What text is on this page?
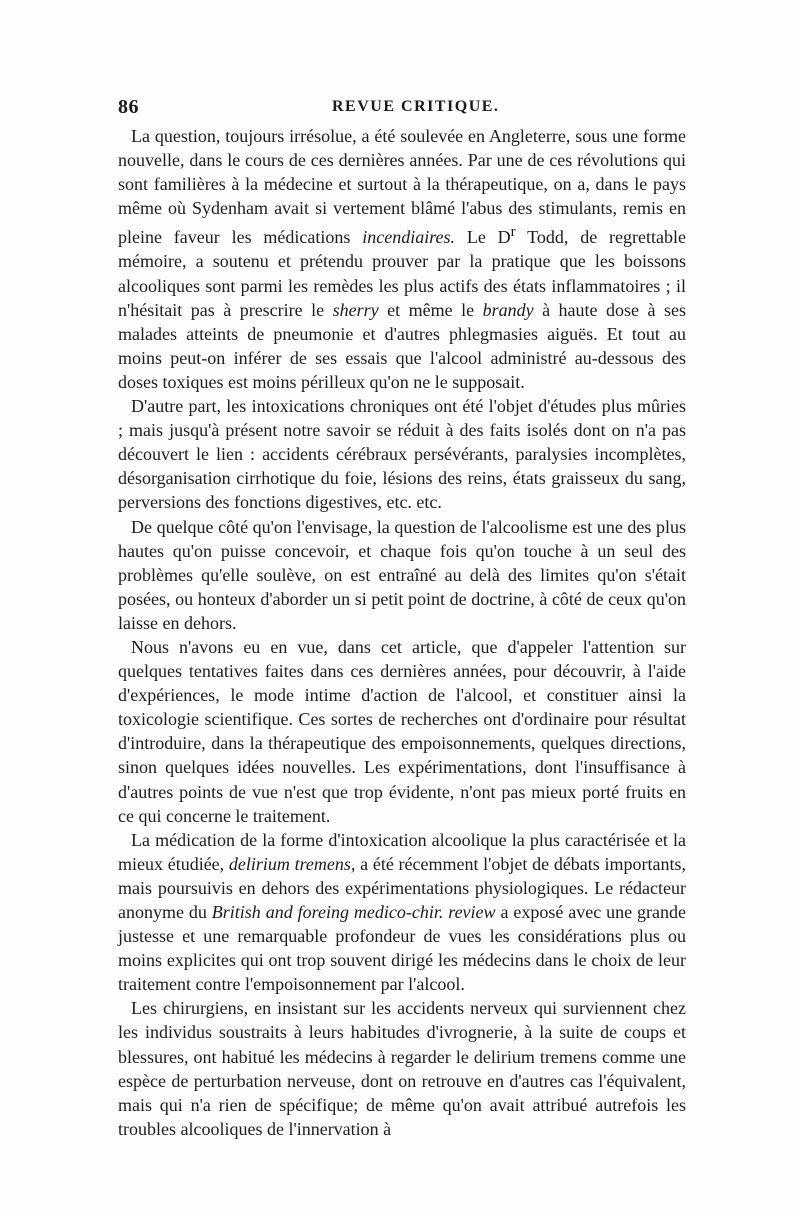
86	REVUE CRITIQUE.

La question, toujours irrésolue, a été soulevée en Angleterre, sous une forme nouvelle, dans le cours de ces dernières années. Par une de ces révolutions qui sont familières à la médecine et surtout à la thérapeutique, on a, dans le pays même où Sydenham avait si vertement blâmé l'abus des stimulants, remis en pleine faveur les médications incendiaires. Le $D^r$ Todd, de regrettable mémoire, a soutenu et prétendu prouver par la pratique que les boissons alcooliques sont parmi les remèdes les plus actifs des états inflammatoires ; il n'hésitait pas à prescrire le sherry et même le brandy à haute dose à ses malades atteints de pneumonie et d'autres phlegmasies aiguës. Et tout au moins peut-on inférer de ses essais que l'alcool administré au-dessous des doses toxiques est moins périlleux qu'on ne le supposait.

D'autre part, les intoxications chroniques ont été l'objet d'études plus mûries ; mais jusqu'à présent notre savoir se réduit à des faits isolés dont on n'a pas découvert le lien : accidents cérébraux persévérants, paralysies incomplètes, désorganisation cirrhotique du foie, lésions des reins, états graisseux du sang, perversions des fonctions digestives, etc. etc.

De quelque côté qu'on l'envisage, la question de l'alcoolisme est une des plus hautes qu'on puisse concevoir, et chaque fois qu'on touche à un seul des problèmes qu'elle soulève, on est entraîné au delà des limites qu'on s'était posées, ou honteux d'aborder un si petit point de doctrine, à côté de ceux qu'on laisse en dehors.

Nous n'avons eu en vue, dans cet article, que d'appeler l'attention sur quelques tentatives faites dans ces dernières années, pour découvrir, à l'aide d'expériences, le mode intime d'action de l'alcool, et constituer ainsi la toxicologie scientifique. Ces sortes de recherches ont d'ordinaire pour résultat d'introduire, dans la thérapeutique des empoisonnements, quelques directions, sinon quelques idées nouvelles. Les expérimentations, dont l'insuffisance à d'autres points de vue n'est que trop évidente, n'ont pas mieux porté fruits en ce qui concerne le traitement.

La médication de la forme d'intoxication alcoolique la plus caractérisée et la mieux étudiée, delirium tremens, a été récemment l'objet de débats importants, mais poursuivis en dehors des expérimentations physiologiques. Le rédacteur anonyme du British and foreing medico-chir. review a exposé avec une grande justesse et une remarquable profondeur de vues les considérations plus ou moins explicites qui ont trop souvent dirigé les médecins dans le choix de leur traitement contre l'empoisonnement par l'alcool.

Les chirurgiens, en insistant sur les accidents nerveux qui surviennent chez les individus soustraits à leurs habitudes d'ivrognerie, à la suite de coups et blessures, ont habitué les médecins à regarder le delirium tremens comme une espèce de perturbation nerveuse, dont on retrouve en d'autres cas l'équivalent, mais qui n'a rien de spécifique; de même qu'on avait attribué autrefois les troubles alcooliques de l'innervation à
